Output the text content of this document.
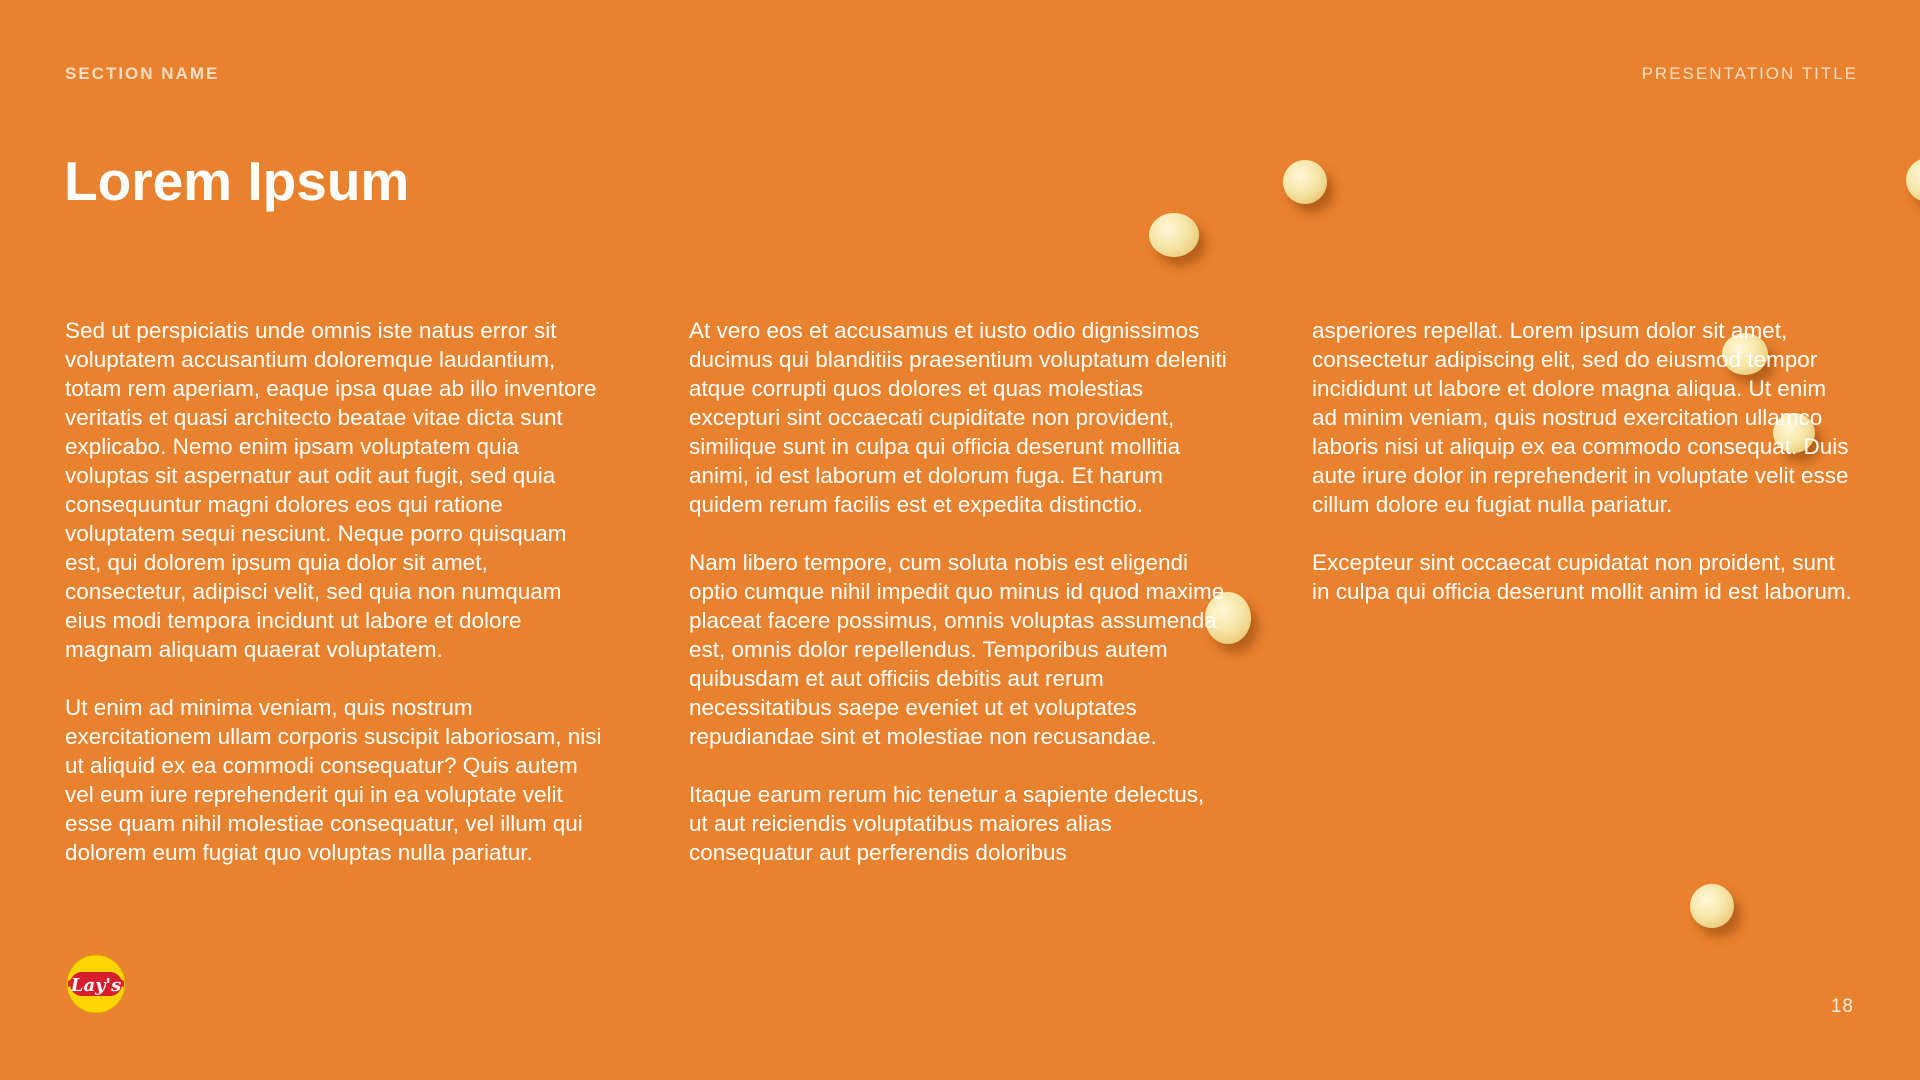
SECTION NAME	PRESENTATION TITLE
Lorem Ipsum

Sed ut perspiciatis unde omnis iste natus error sit voluptatem accusantium doloremque laudantium, totam rem aperiam, eaque ipsa quae ab illo inventore veritatis et quasi architecto beatae vitae dicta sunt explicabo. Nemo enim ipsam voluptatem quia voluptas sit aspernatur aut odit aut fugit, sed quia consequuntur magni dolores eos qui ratione voluptatem sequi nesciunt. Neque porro quisquam est, qui dolorem ipsum quia dolor sit amet, consectetur, adipisci velit, sed quia non numquam eius modi tempora incidunt ut labore et dolore magnam aliquam quaerat voluptatem.

Ut enim ad minima veniam, quis nostrum exercitationem ullam corporis suscipit laboriosam, nisi ut aliquid ex ea commodi consequatur? Quis autem vel eum iure reprehenderit qui in ea voluptate velit esse quam nihil molestiae consequatur, vel illum qui dolorem eum fugiat quo voluptas nulla pariatur.

At vero eos et accusamus et iusto odio dignissimos ducimus qui blanditiis praesentium voluptatum deleniti atque corrupti quos dolores et quas molestias excepturi sint occaecati cupiditate non provident, similique sunt in culpa qui officia deserunt mollitia animi, id est laborum et dolorum fuga. Et harum quidem rerum facilis est et expedita distinctio.

Nam libero tempore, cum soluta nobis est eligendi optio cumque nihil impedit quo minus id quod maxime placeat facere possimus, omnis voluptas assumenda est, omnis dolor repellendus. Temporibus autem quibusdam et aut officiis debitis aut rerum necessitatibus saepe eveniet ut et voluptates repudiandae sint et molestiae non recusandae.

Itaque earum rerum hic tenetur a sapiente delectus, ut aut reiciendis voluptatibus maiores alias consequatur aut perferendis doloribus

asperiores repellat. Lorem ipsum dolor sit amet, consectetur adipiscing elit, sed do eiusmod tempor incididunt ut labore et dolore magna aliqua. Ut enim ad minim veniam, quis nostrud exercitation ullamco laboris nisi ut aliquip ex ea commodo consequat. Duis aute irure dolor in reprehenderit in voluptate velit esse cillum dolore eu fugiat nulla pariatur.

Excepteur sint occaecat cupidatat non proident, sunt in culpa qui officia deserunt mollit anim id est laborum.

Lay's
18
